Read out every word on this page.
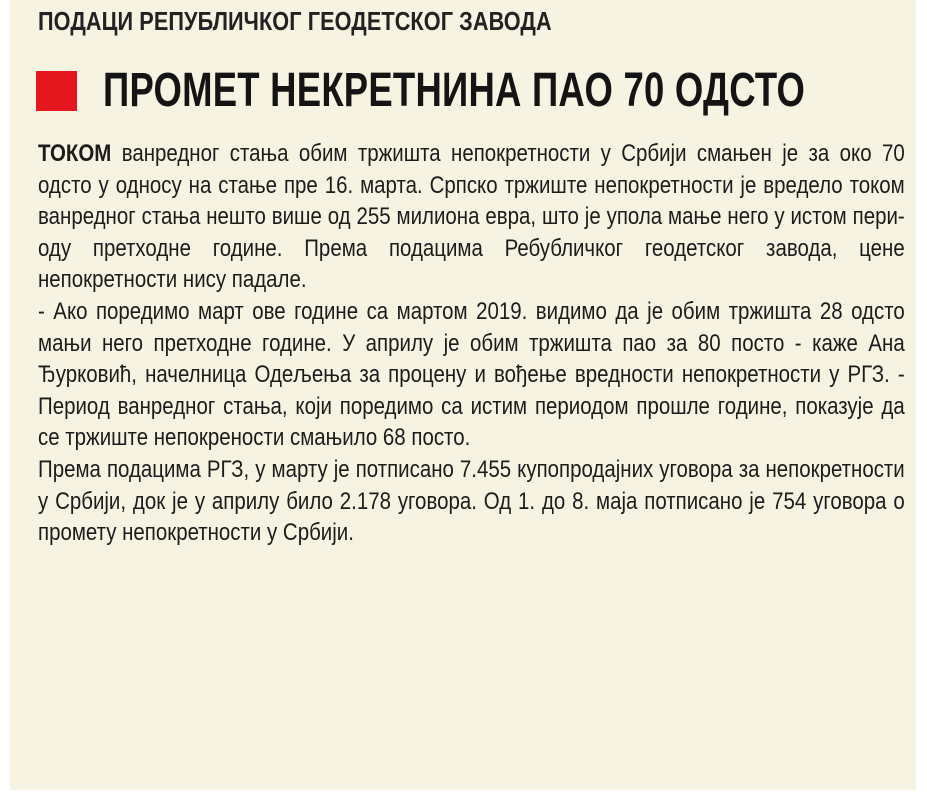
ПОДАЦИ РЕПУБЛИЧКОГ ГЕОДЕТСКОГ ЗАВОДА
ПРОМЕТ НЕКРЕТНИНА ПАО 70 ОДСТО

ТОКОМ ванредног стања обим тржишта непокретности у Србији смањен је за око 70 одсто у односу на стање пре 16. марта. Српско тржиште непокретности је вредело током ванредног стања нешто више од 255 милиона евра, што је упола мање него у истом периоду претходне године. Према подацима Ребубличког геодетског завода, цене непокретности нису падале.

- Ако поредимо март ове године са мартом 2019. видимо да је обим тржишта 28 одсто мањи него претходне године. У априлу је обим тржишта пао за 80 посто - каже Ана Ђурковић, начелница Одељења за процену и вођење вредности непокретности у РГЗ. - Период ванредног стања, који поредимо са истим периодом прошле године, показује да се тржиште непокрености смањило 68 посто.

Према подацима РГЗ, у марту је потписано 7.455 купопродајних уговора за непокретности у Србији, док је у априлу било 2.178 уговора. Од 1. до 8. маја потписано је 754 уговора о промету непокретности у Србији.
